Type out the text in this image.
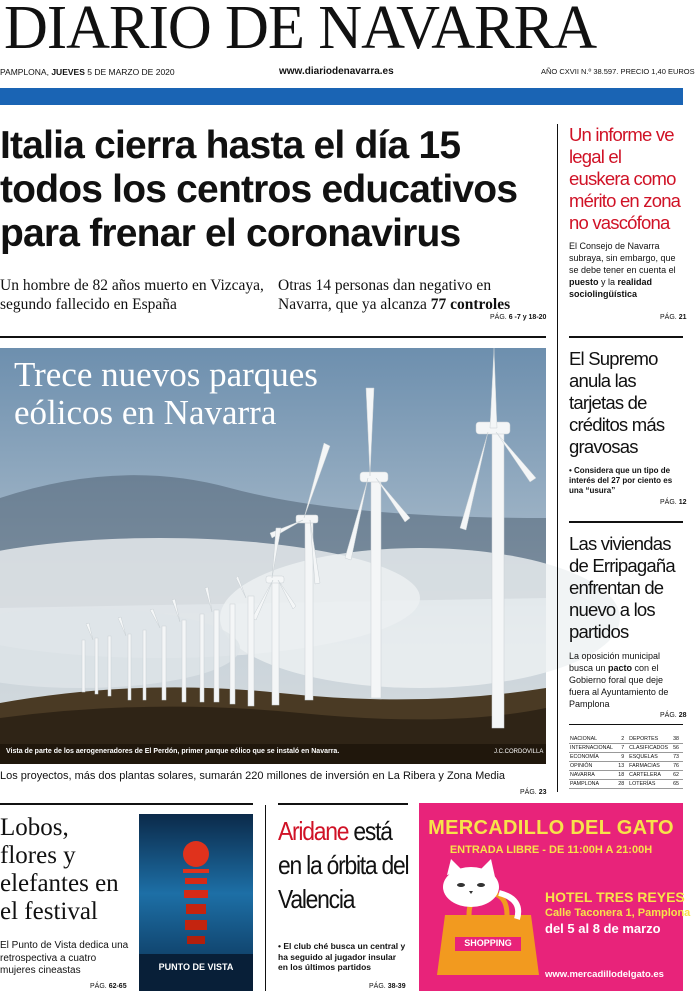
DIARIO DE NAVARRA
PAMPLONA, JUEVES 5 DE MARZO DE 2020	www.diariodenavarra.es	AÑO CXVII N.º 38.597. PRECIO 1,40 EUROS
Italia cierra hasta el día 15 todos los centros educativos para frenar el coronavirus
Un hombre de 82 años muerto en Vizcaya, segundo fallecido en España
Otras 14 personas dan negativo en Navarra, que ya alcanza 77 controles
PÁG. 6 -7 y 18-20
Trece nuevos parques eólicos en Navarra
Vista de parte de los aerogeneradores de El Perdón, primer parque eólico que se instaló en Navarra.	J.C.CORDOVILLA
Los proyectos, más dos plantas solares, sumarán 220 millones de inversión en La Ribera y Zona Media
PÁG. 23
Un informe ve legal el euskera como mérito en zona no vascófona
El Consejo de Navarra subraya, sin embargo, que se debe tener en cuenta el puesto y la realidad sociolingüística
PÁG. 21
El Supremo anula las tarjetas de créditos más gravosas
• Considera que un tipo de interés del 27 por ciento es una “usura”
PÁG. 12
Las viviendas de Erripagaña enfrentan de nuevo a los partidos
La oposición municipal busca un pacto con el Gobierno foral que deje fuera al Ayuntamiento de Pamplona
PÁG. 28
NACIONAL	2	DEPORTES	38
INTERNACIONAL	7	CLASIFICADOS	56
ECONOMÍA	9	ESQUELAS	73
OPINIÓN	13	FARMACIAS	76
NAVARRA	18	CARTELERA	62
PAMPLONA	28	LOTERÍAS	65
Lobos, flores y elefantes en el festival
El Punto de Vista dedica una retrospectiva a cuatro mujeres cineastas
PÁG. 62-65
PUNTO DE VISTA
Aridane está en la órbita del Valencia
• El club ché busca un central y ha seguido al jugador insular en los últimos partidos
PÁG. 38-39
MERCADILLO DEL GATO
ENTRADA LIBRE - DE 11:00H A 21:00H
SHOPPING
HOTEL TRES REYES
Calle Taconera 1, Pamplona
del 5 al 8 de marzo
www.mercadillodelgato.es
